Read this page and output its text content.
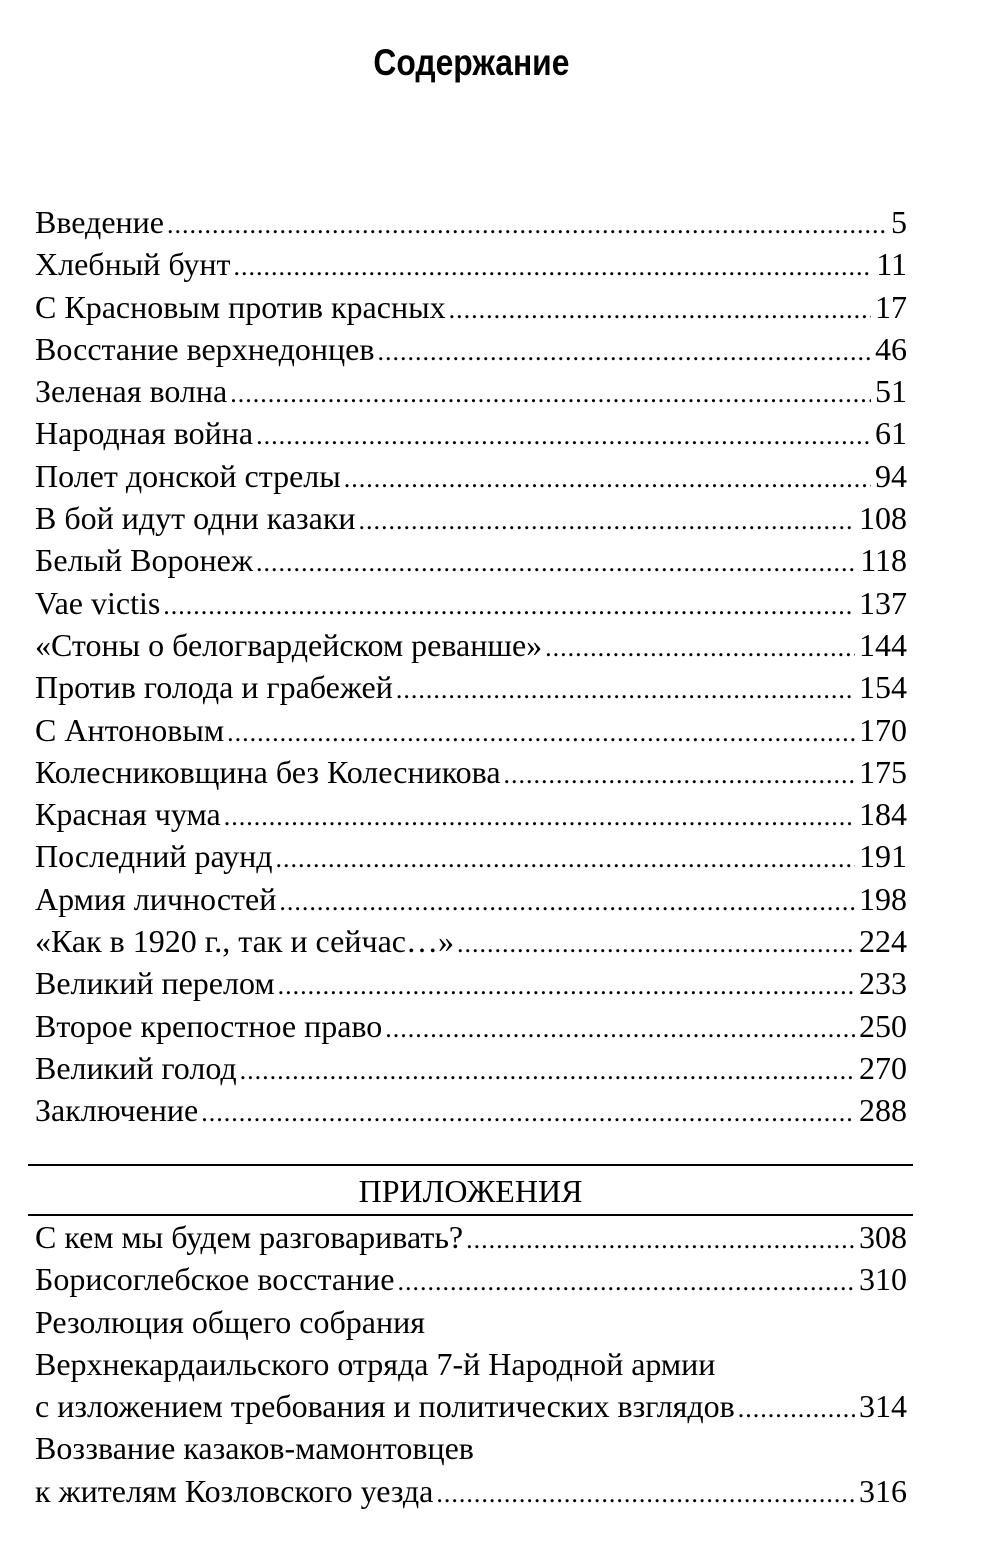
Содержание
Введение .....	5
Хлебный бунт .....	11
С Красновым против красных .....	17
Восстание верхнедонцев .....	46
Зеленая волна .....	51
Народная война .....	61
Полет донской стрелы .....	94
В бой идут одни казаки .....	108
Белый Воронеж .....	118
Vae victis .....	137
«Стоны о белогвардейском реванше» .....	144
Против голода и грабежей .....	154
С Антоновым .....	170
Колесниковщина без Колесникова .....	175
Красная чума .....	184
Последний раунд .....	191
Армия личностей .....	198
«Как в 1920 г., так и сейчас…» .....	224
Великий перелом .....	233
Второе крепостное право .....	250
Великий голод .....	270
Заключение .....	288
ПРИЛОЖЕНИЯ
С кем мы будем разговаривать? .....	308
Борисоглебское восстание .....	310
Резолюция общего собрания
Верхнекардаильского отряда 7-й Народной армии
с изложением требования и политических взглядов .....	314
Воззвание казаков-мамонтовцев
к жителям Козловского уезда .....	316
